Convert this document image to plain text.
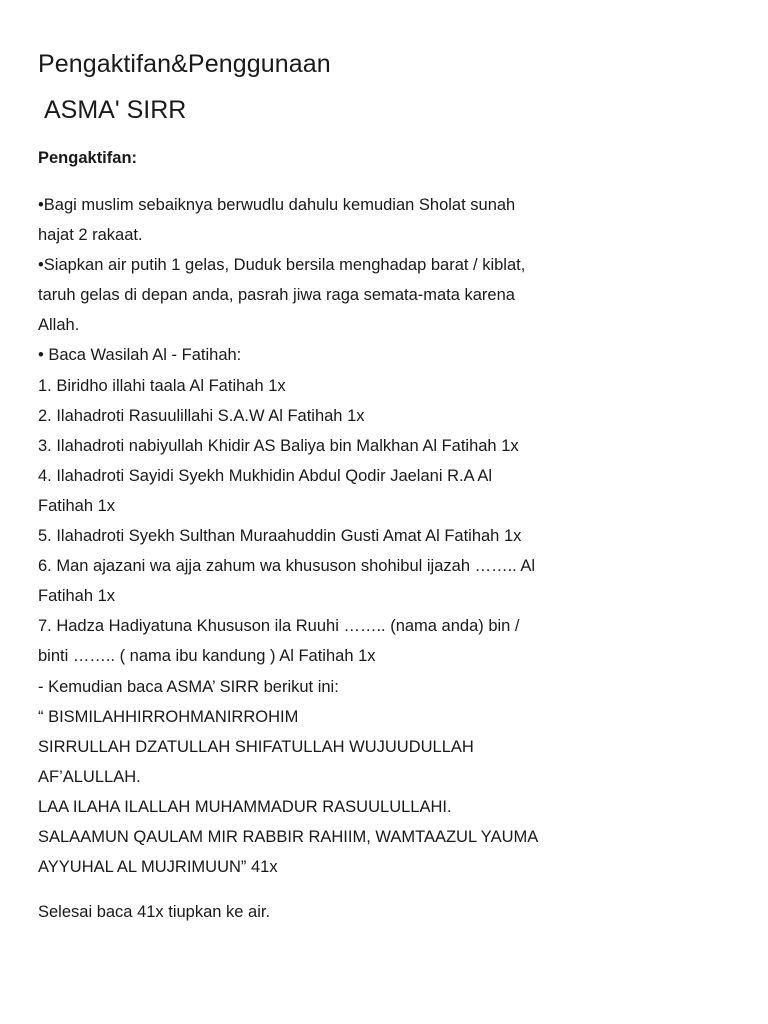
Pengaktifan&Penggunaan
ASMA' SIRR
Pengaktifan:
•Bagi muslim sebaiknya berwudlu dahulu kemudian Sholat sunah
hajat 2 rakaat.
•Siapkan air putih 1 gelas, Duduk bersila menghadap barat / kiblat,
taruh gelas di depan anda, pasrah jiwa raga semata-mata karena
Allah.
• Baca Wasilah Al - Fatihah:
1. Biridho illahi taala Al Fatihah 1x
2. Ilahadroti Rasuulillahi S.A.W Al Fatihah 1x
3. Ilahadroti nabiyullah Khidir AS Baliya bin Malkhan Al Fatihah 1x
4. Ilahadroti Sayidi Syekh Mukhidin Abdul Qodir Jaelani R.A Al
Fatihah 1x
5. Ilahadroti Syekh Sulthan Muraahuddin Gusti Amat Al Fatihah 1x
6. Man ajazani wa ajja zahum wa khususon shohibul ijazah …….. Al
Fatihah 1x
7. Hadza Hadiyatuna Khususon ila Ruuhi …….. (nama anda) bin /
binti …….. ( nama ibu kandung ) Al Fatihah 1x
- Kemudian baca ASMA’ SIRR berikut ini:
“ BISMILAHHIRROHMANIRROHIM
SIRRULLAH DZATULLAH SHIFATULLAH WUJUUDULLAH
AF’ALULLAH.
LAA ILAHA ILALLAH MUHAMMADUR RASUULULLAHI.
SALAAMUN QAULAM MIR RABBIR RAHIIM, WAMTAAZUL YAUMA
AYYUHAL AL MUJRIMUUN” 41x
Selesai baca 41x tiupkan ke air.
